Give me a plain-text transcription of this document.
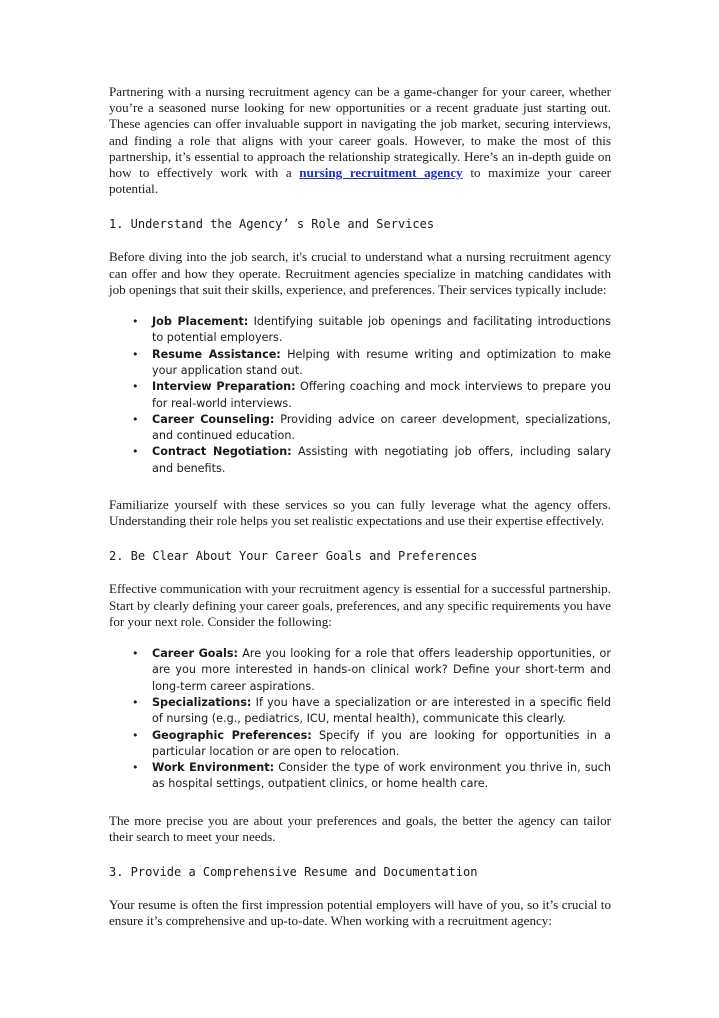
Partnering with a nursing recruitment agency can be a game-changer for your career, whether you’re a seasoned nurse looking for new opportunities or a recent graduate just starting out. These agencies can offer invaluable support in navigating the job market, securing interviews, and finding a role that aligns with your career goals. However, to make the most of this partnership, it’s essential to approach the relationship strategically. Here’s an in-depth guide on how to effectively work with a nursing recruitment agency to maximize your career potential.

1. Understand the Agency’ s Role and Services

Before diving into the job search, it's crucial to understand what a nursing recruitment agency can offer and how they operate. Recruitment agencies specialize in matching candidates with job openings that suit their skills, experience, and preferences. Their services typically include:

• Job Placement: Identifying suitable job openings and facilitating introductions to potential employers.
• Resume Assistance: Helping with resume writing and optimization to make your application stand out.
• Interview Preparation: Offering coaching and mock interviews to prepare you for real-world interviews.
• Career Counseling: Providing advice on career development, specializations, and continued education.
• Contract Negotiation: Assisting with negotiating job offers, including salary and benefits.

Familiarize yourself with these services so you can fully leverage what the agency offers. Understanding their role helps you set realistic expectations and use their expertise effectively.

2. Be Clear About Your Career Goals and Preferences

Effective communication with your recruitment agency is essential for a successful partnership. Start by clearly defining your career goals, preferences, and any specific requirements you have for your next role. Consider the following:

• Career Goals: Are you looking for a role that offers leadership opportunities, or are you more interested in hands-on clinical work? Define your short-term and long-term career aspirations.
• Specializations: If you have a specialization or are interested in a specific field of nursing (e.g., pediatrics, ICU, mental health), communicate this clearly.
• Geographic Preferences: Specify if you are looking for opportunities in a particular location or are open to relocation.
• Work Environment: Consider the type of work environment you thrive in, such as hospital settings, outpatient clinics, or home health care.

The more precise you are about your preferences and goals, the better the agency can tailor their search to meet your needs.

3. Provide a Comprehensive Resume and Documentation

Your resume is often the first impression potential employers will have of you, so it’s crucial to ensure it’s comprehensive and up-to-date. When working with a recruitment agency:
